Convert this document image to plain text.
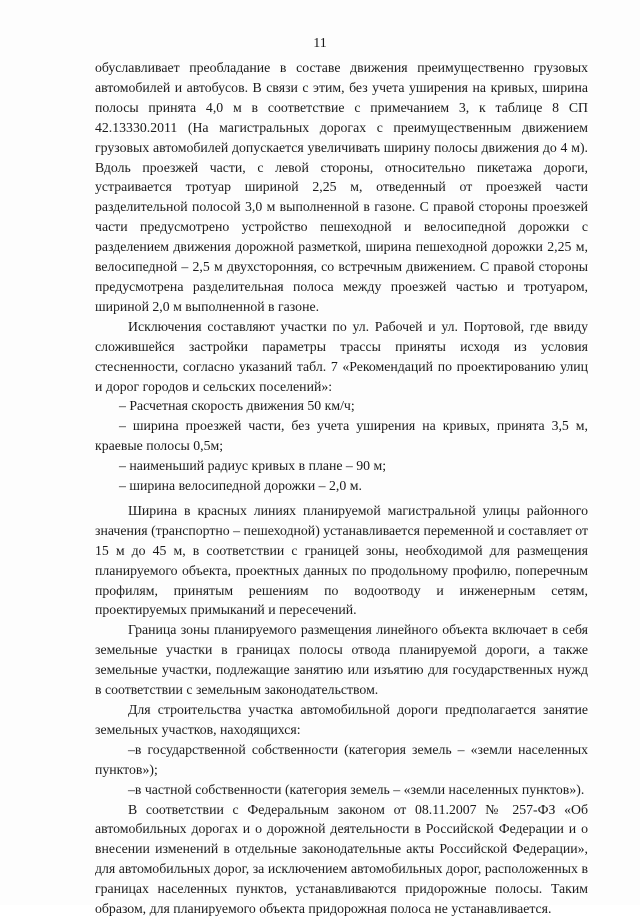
11

обуславливает преобладание в составе движения преимущественно грузовых автомобилей и автобусов. В связи с этим, без учета уширения на кривых, ширина полосы принята 4,0 м в соответствие с примечанием 3, к таблице 8 СП 42.13330.2011 (На магистральных дорогах с преимущественным движением грузовых автомобилей допускается увеличивать ширину полосы движения до 4 м). Вдоль проезжей части, с левой стороны, относительно пикетажа дороги, устраивается тротуар шириной 2,25 м, отведенный от проезжей части разделительной полосой 3,0 м выполненной в газоне. С правой стороны проезжей части предусмотрено устройство пешеходной и велосипедной дорожки с разделением движения дорожной разметкой, ширина пешеходной дорожки 2,25 м, велосипедной – 2,5 м двухсторонняя, со встречным движением. С правой стороны предусмотрена разделительная полоса между проезжей частью и тротуаром, шириной 2,0 м выполненной в газоне.

Исключения составляют участки по ул. Рабочей и ул. Портовой, где ввиду сложившейся застройки параметры трассы приняты исходя из условия стесненности, согласно указаний табл. 7 «Рекомендаций по проектированию улиц и дорог городов и сельских поселений»:

– Расчетная скорость движения 50 км/ч;

– ширина проезжей части, без учета уширения на кривых, принята 3,5 м, краевые полосы 0,5м;

– наименьший радиус кривых в плане – 90 м;

– ширина велосипедной дорожки – 2,0 м.

Ширина в красных линиях планируемой магистральной улицы районного значения (транспортно – пешеходной) устанавливается переменной и составляет от 15 м до 45 м, в соответствии с границей зоны, необходимой для размещения планируемого объекта, проектных данных по продольному профилю, поперечным профилям, принятым решениям по водоотводу и инженерным сетям, проектируемых примыканий и пересечений.

Граница зоны планируемого размещения линейного объекта включает в себя земельные участки в границах полосы отвода планируемой дороги, а также земельные участки, подлежащие занятию или изъятию для государственных нужд в соответствии с земельным законодательством.

Для строительства участка автомобильной дороги предполагается занятие земельных участков, находящихся:

–в государственной собственности (категория земель – «земли населенных пунктов»);

–в частной собственности (категория земель – «земли населенных пунктов»).

В соответствии с Федеральным законом от 08.11.2007 № 257-ФЗ «Об автомобильных дорогах и о дорожной деятельности в Российской Федерации и о внесении изменений в отдельные законодательные акты Российской Федерации», для автомобильных дорог, за исключением автомобильных дорог, расположенных в границах населенных пунктов, устанавливаются придорожные полосы. Таким образом, для планируемого объекта придорожная полоса не устанавливается.
